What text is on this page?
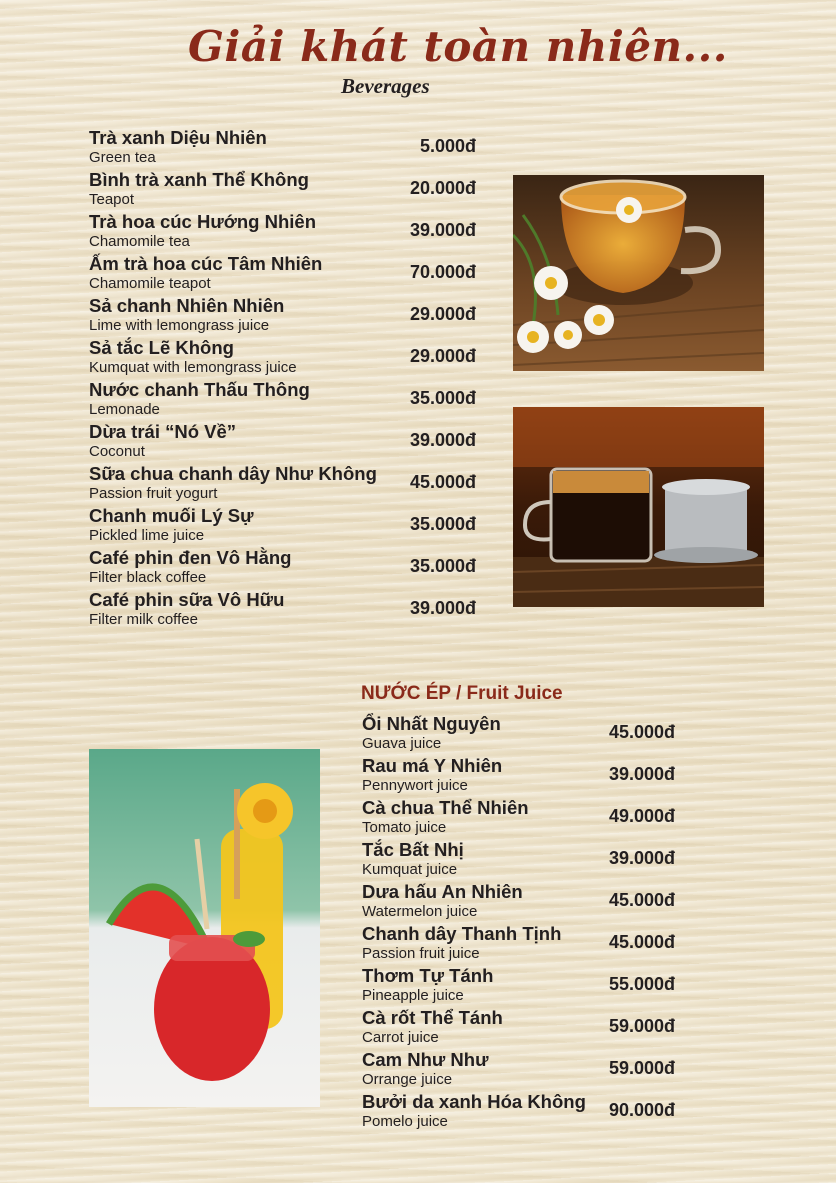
Giải khát toàn nhiên...
Beverages
Trà xanh Diệu Nhiên
Green tea
5.000đ
Bình trà xanh Thể Không
Teapot
20.000đ
Trà hoa cúc Hướng Nhiên
Chamomile tea
39.000đ
Ấm trà hoa cúc Tâm Nhiên
Chamomile teapot
70.000đ
Sả chanh Nhiên Nhiên
Lime with lemongrass juice
29.000đ
Sả tắc Lẽ Không
Kumquat with lemongrass juice
29.000đ
Nước chanh Thấu Thông
Lemonade
35.000đ
Dừa trái “Nó Về”
Coconut
39.000đ
Sữa chua chanh dây Như Không
Passion fruit yogurt
45.000đ
Chanh muối Lý Sự
Pickled lime juice
35.000đ
Café phin đen Vô Hằng
Filter black coffee
35.000đ
Café phin sữa Vô Hữu
Filter milk coffee
39.000đ
NƯỚC ÉP / Fruit Juice
Ổi Nhất Nguyên
Guava juice
45.000đ
Rau má Y Nhiên
Pennywort juice
39.000đ
Cà chua Thể Nhiên
Tomato juice
49.000đ
Tắc Bất Nhị
Kumquat juice
39.000đ
Dưa hấu An Nhiên
Watermelon juice
45.000đ
Chanh dây Thanh Tịnh
Passion fruit juice
45.000đ
Thơm Tự Tánh
Pineapple juice
55.000đ
Cà rốt Thể Tánh
Carrot juice
59.000đ
Cam Như Như
Orrange juice
59.000đ
Bưởi da xanh Hóa Không
Pomelo juice
90.000đ
